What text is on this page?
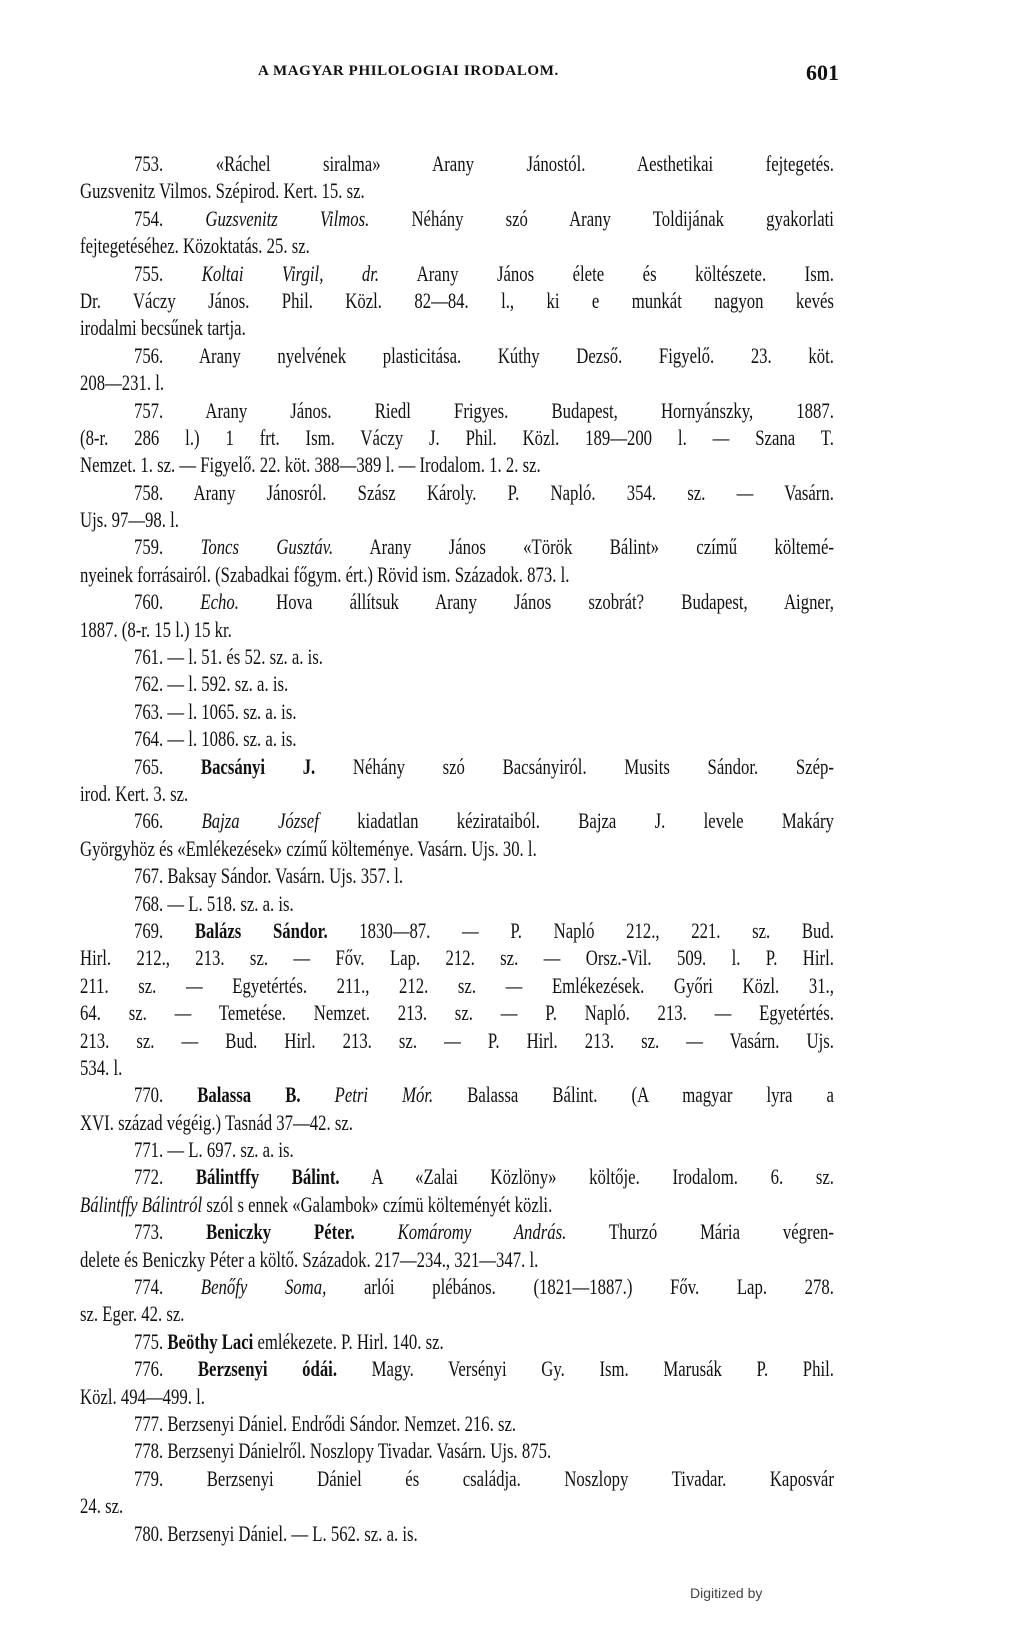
A MAGYAR PHILOLOGIAI IRODALOM.	601
753. «Ráchel siralma» Arany Jánostól. Aesthetikai fejtegetés.
Guzsvenitz Vilmos. Szépirod. Kert. 15. sz.
754. Guzsvenitz Vilmos. Néhány szó Arany Toldijának gyakorlati
fejtegetéséhez. Közoktatás. 25. sz.
755. Koltai Virgil, dr. Arany János élete és költészete. Ism.
Dr. Váczy János. Phil. Közl. 82—84. l., ki e munkát nagyon kevés
irodalmi becsűnek tartja.
756. Arany nyelvének plasticitása. Kúthy Dezső. Figyelő. 23. köt.
208—231. l.
757. Arany János. Riedl Frigyes. Budapest, Hornyánszky, 1887.
(8-r. 286 l.) 1 frt. Ism. Váczy J. Phil. Közl. 189—200 l. — Szana T.
Nemzet. 1. sz. — Figyelő. 22. köt. 388—389 l. — Irodalom. 1. 2. sz.
758. Arany Jánosról. Szász Károly. P. Napló. 354. sz. — Vasárn.
Ujs. 97—98. l.
759. Toncs Gusztáv. Arany János «Török Bálint» czímű költemé-
nyeinek forrásairól. (Szabadkai főgym. ért.) Rövid ism. Századok. 873. l.
760. Echo. Hova állítsuk Arany János szobrát? Budapest, Aigner,
1887. (8-r. 15 l.) 15 kr.
761. — l. 51. és 52. sz. a. is.
762. — l. 592. sz. a. is.
763. — l. 1065. sz. a. is.
764. — l. 1086. sz. a. is.
765. Bacsányi J. Néhány szó Bacsányiról. Musits Sándor. Szép-
irod. Kert. 3. sz.
766. Bajza József kiadatlan kézirataiból. Bajza J. levele Makáry
Györgyhöz és «Emlékezések» czímű költeménye. Vasárn. Ujs. 30. l.
767. Baksay Sándor. Vasárn. Ujs. 357. l.
768. — L. 518. sz. a. is.
769. Balázs Sándor. 1830—87. — P. Napló 212., 221. sz. Bud.
Hirl. 212., 213. sz. — Főv. Lap. 212. sz. — Orsz.-Vil. 509. l. P. Hirl.
211. sz. — Egyetértés. 211., 212. sz. — Emlékezések. Győri Közl. 31.,
64. sz. — Temetése. Nemzet. 213. sz. — P. Napló. 213. — Egyetértés.
213. sz. — Bud. Hirl. 213. sz. — P. Hirl. 213. sz. — Vasárn. Ujs.
534. l.
770. Balassa B. Petri Mór. Balassa Bálint. (A magyar lyra a
XVI. század végéig.) Tasnád 37—42. sz.
771. — L. 697. sz. a. is.
772. Bálintffy Bálint. A «Zalai Közlöny» költője. Irodalom. 6. sz.
Bálintffy Bálintról szól s ennek «Galambok» czímü költeményét közli.
773. Beniczky Péter. Komáromy András. Thurzó Mária végren-
delete és Beniczky Péter a költő. Századok. 217—234., 321—347. l.
774. Benőfy Soma, arlói plébános. (1821—1887.) Főv. Lap. 278.
sz. Eger. 42. sz.
775. Beöthy Laci emlékezete. P. Hirl. 140. sz.
776. Berzsenyi ódái. Magy. Versényi Gy. Ism. Marusák P. Phil.
Közl. 494—499. l.
777. Berzsenyi Dániel. Endrődi Sándor. Nemzet. 216. sz.
778. Berzsenyi Dánielről. Noszlopy Tivadar. Vasárn. Ujs. 875.
779. Berzsenyi Dániel és családja. Noszlopy Tivadar. Kaposvár
24. sz.
780. Berzsenyi Dániel. — L. 562. sz. a. is.
Digitized by
